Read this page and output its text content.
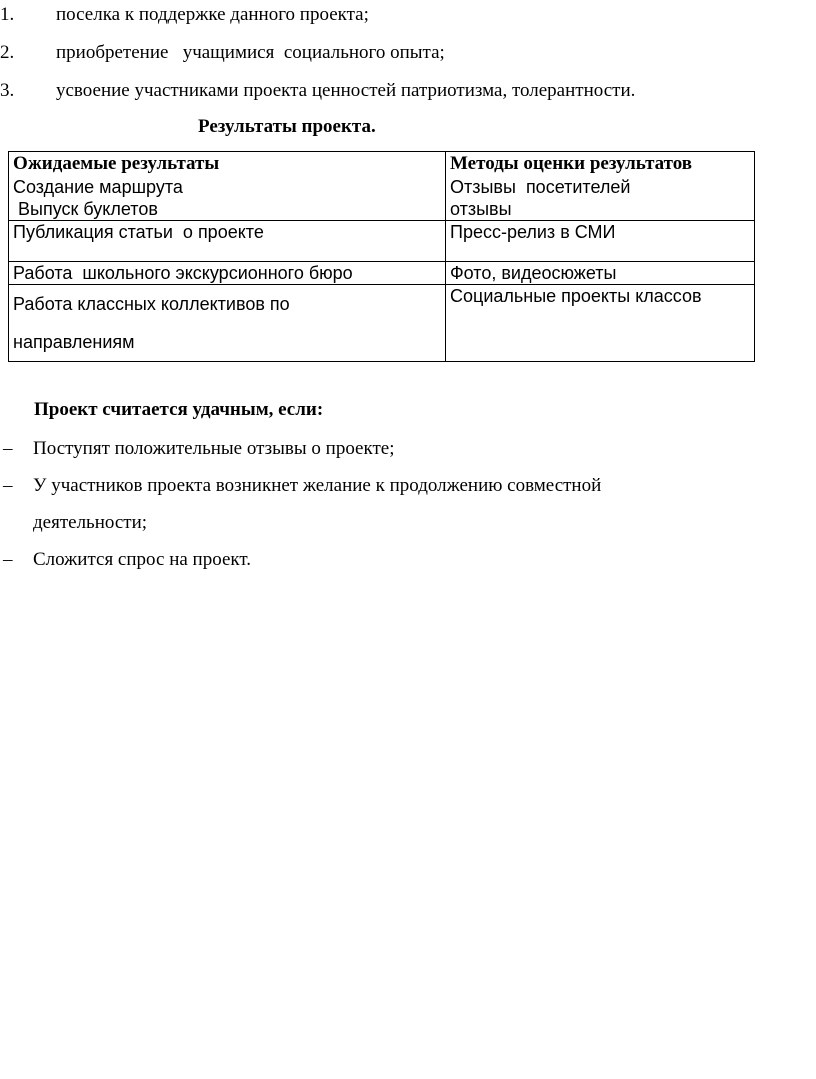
1. поселка к поддержке данного проекта;
2. приобретение   учащимися  социального опыта;
3. усвоение участниками проекта ценностей патриотизма, толерантности.
Результаты проекта.
Ожидаемые результаты	Методы оценки результатов
Создание маршрута	Отзывы  посетителей
Выпуск буклетов	отзывы

Публикация статьи  о проекте	Пресс-релиз в СМИ

Работа  школьного экскурсионного бюро	Фото, видеосюжеты

Работа классных коллективов по направлениям	Социальные проекты классов
Проект считается удачным, если:
– Поступят положительные отзывы о проекте;
– У участников проекта возникнет желание к продолжению совместной деятельности;
– Сложится спрос на проект.
